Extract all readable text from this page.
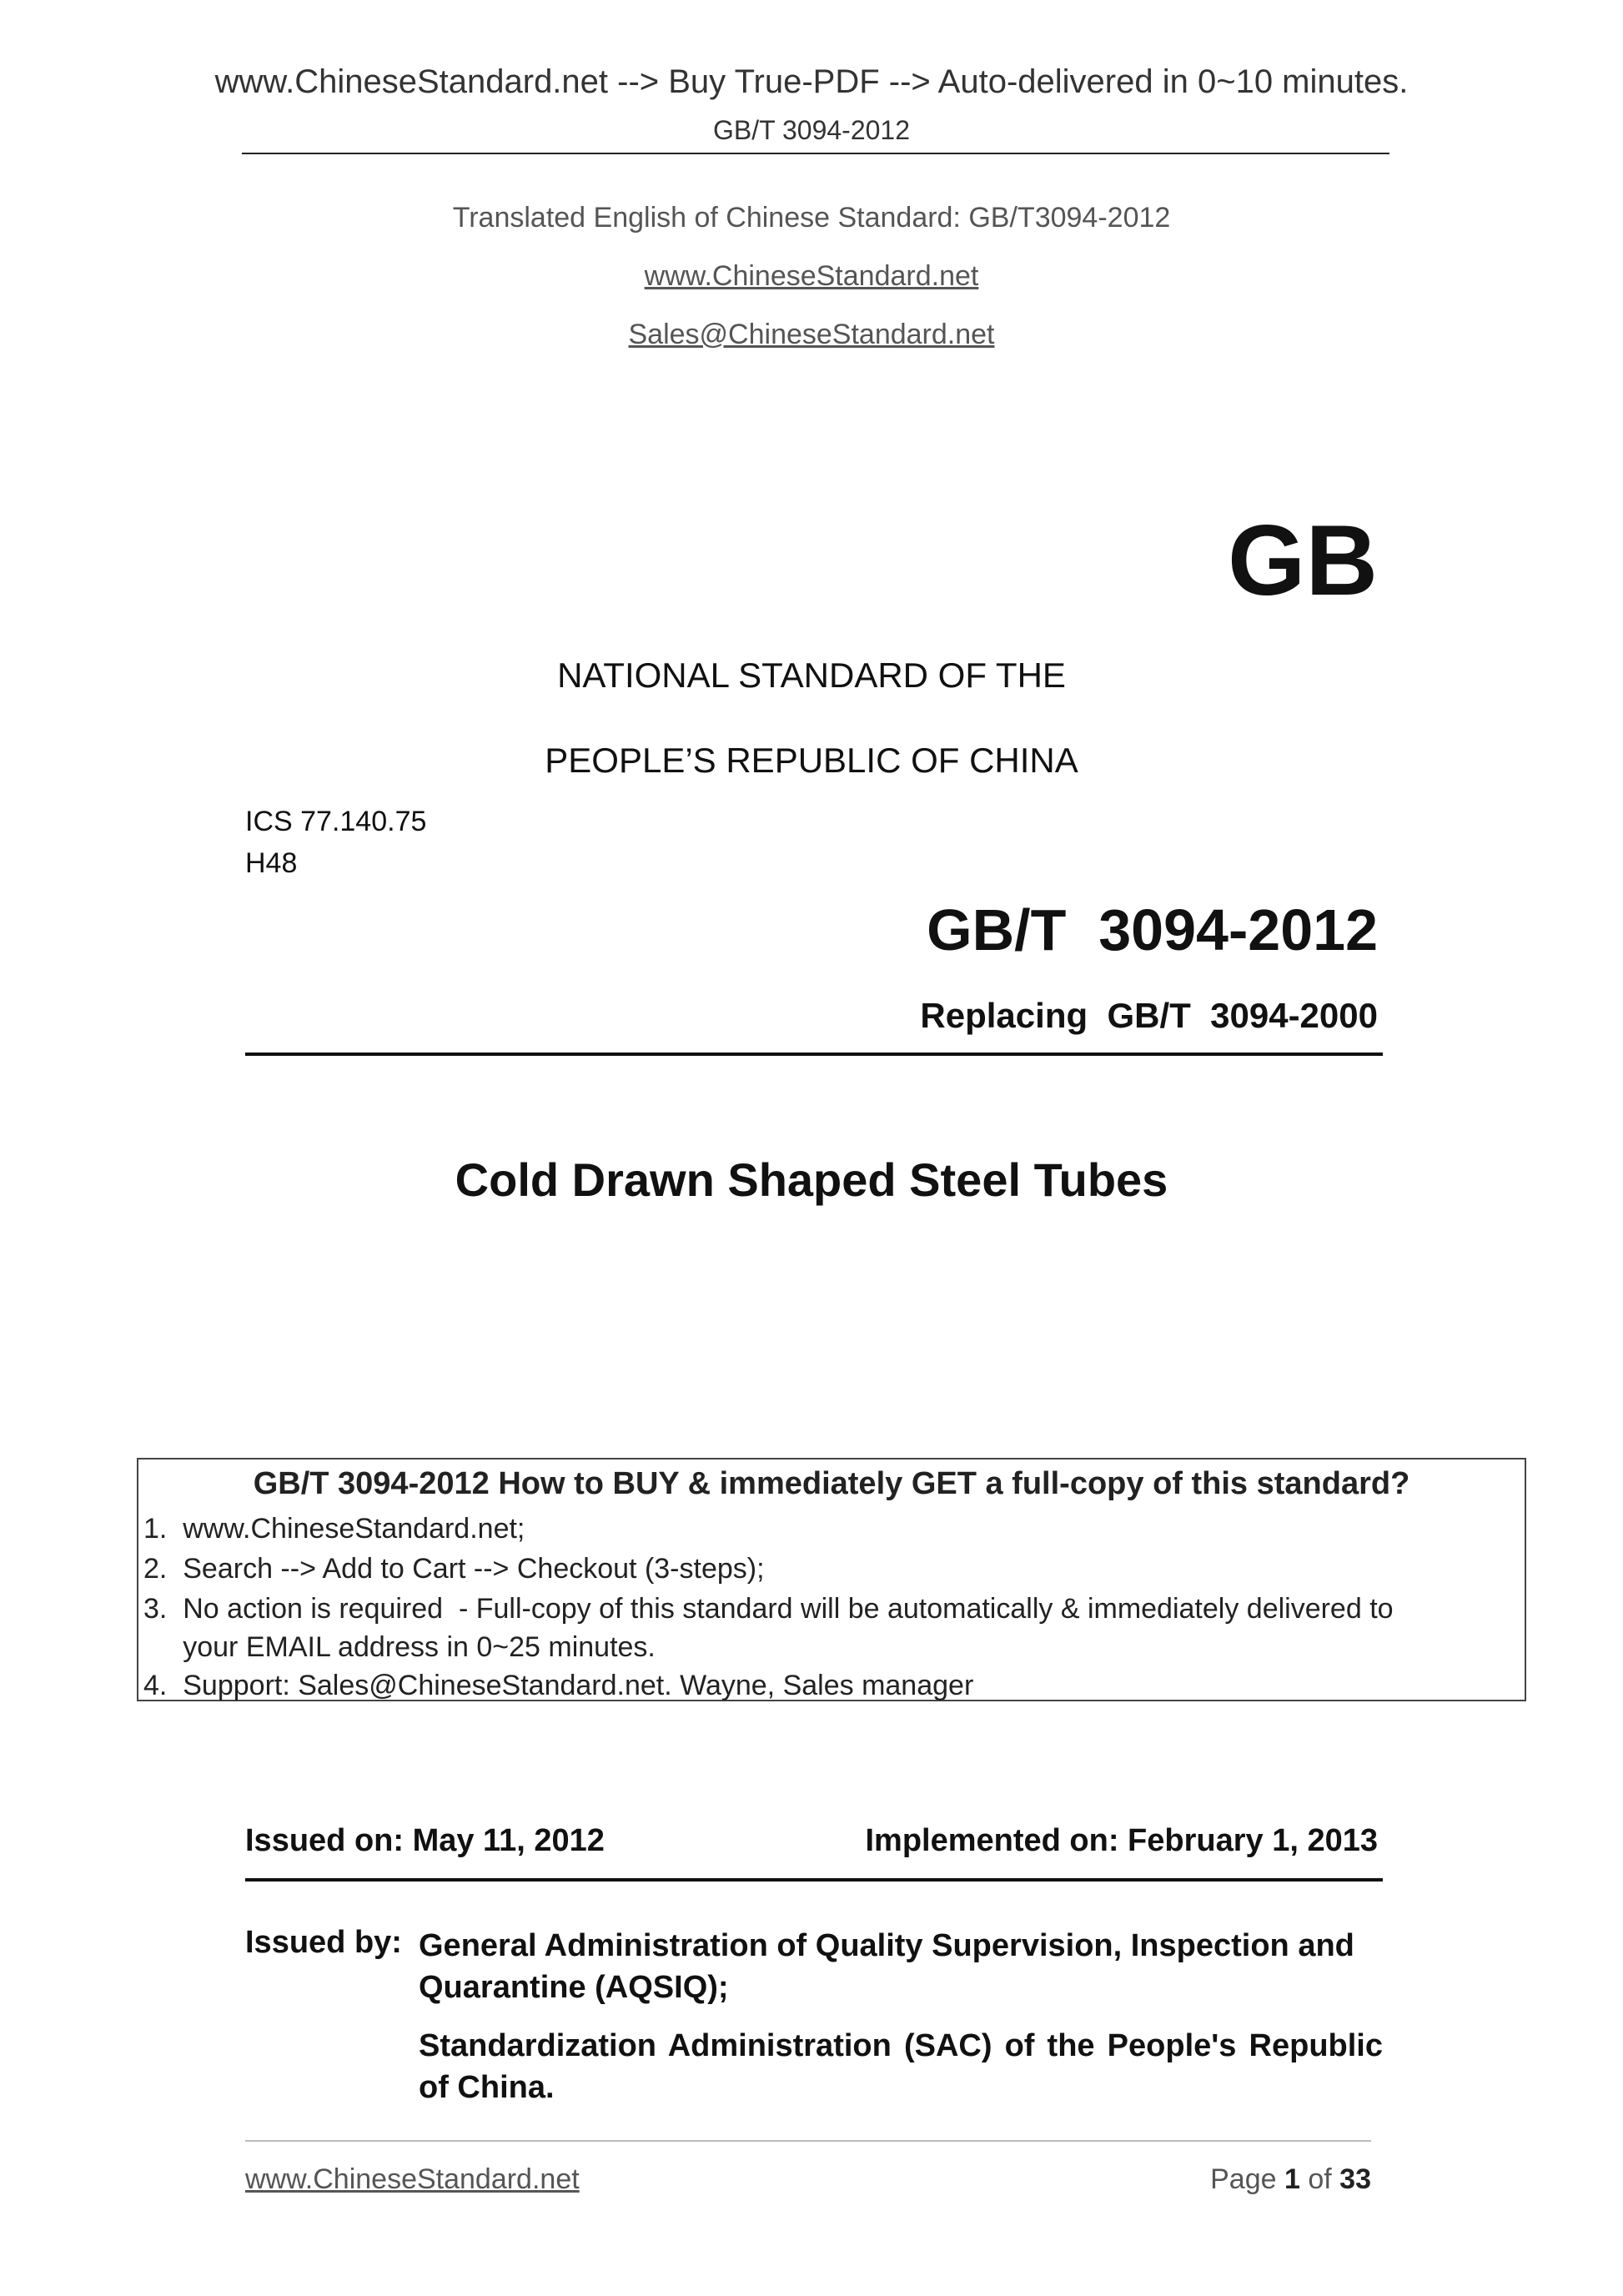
www.ChineseStandard.net --> Buy True-PDF --> Auto-delivered in 0~10 minutes.
GB/T 3094-2012
Translated English of Chinese Standard: GB/T3094-2012
www.ChineseStandard.net
Sales@ChineseStandard.net
GB
NATIONAL STANDARD OF THE
PEOPLE’S REPUBLIC OF CHINA
ICS 77.140.75
H48
GB/T  3094-2012
Replacing  GB/T  3094-2000
Cold Drawn Shaped Steel Tubes
GB/T 3094-2012 How to BUY & immediately GET a full-copy of this standard?
1.  www.ChineseStandard.net;
2.  Search --> Add to Cart --> Checkout (3-steps);
3.  No action is required  - Full-copy of this standard will be automatically & immediately delivered to
your EMAIL address in 0~25 minutes.
4.  Support: Sales@ChineseStandard.net. Wayne, Sales manager
Issued on: May 11, 2012	Implemented on: February 1, 2013
Issued by: General Administration of Quality Supervision, Inspection and Quarantine (AQSIQ);
Standardization Administration (SAC) of the People's Republic of China.
www.ChineseStandard.net	Page 1 of 33
